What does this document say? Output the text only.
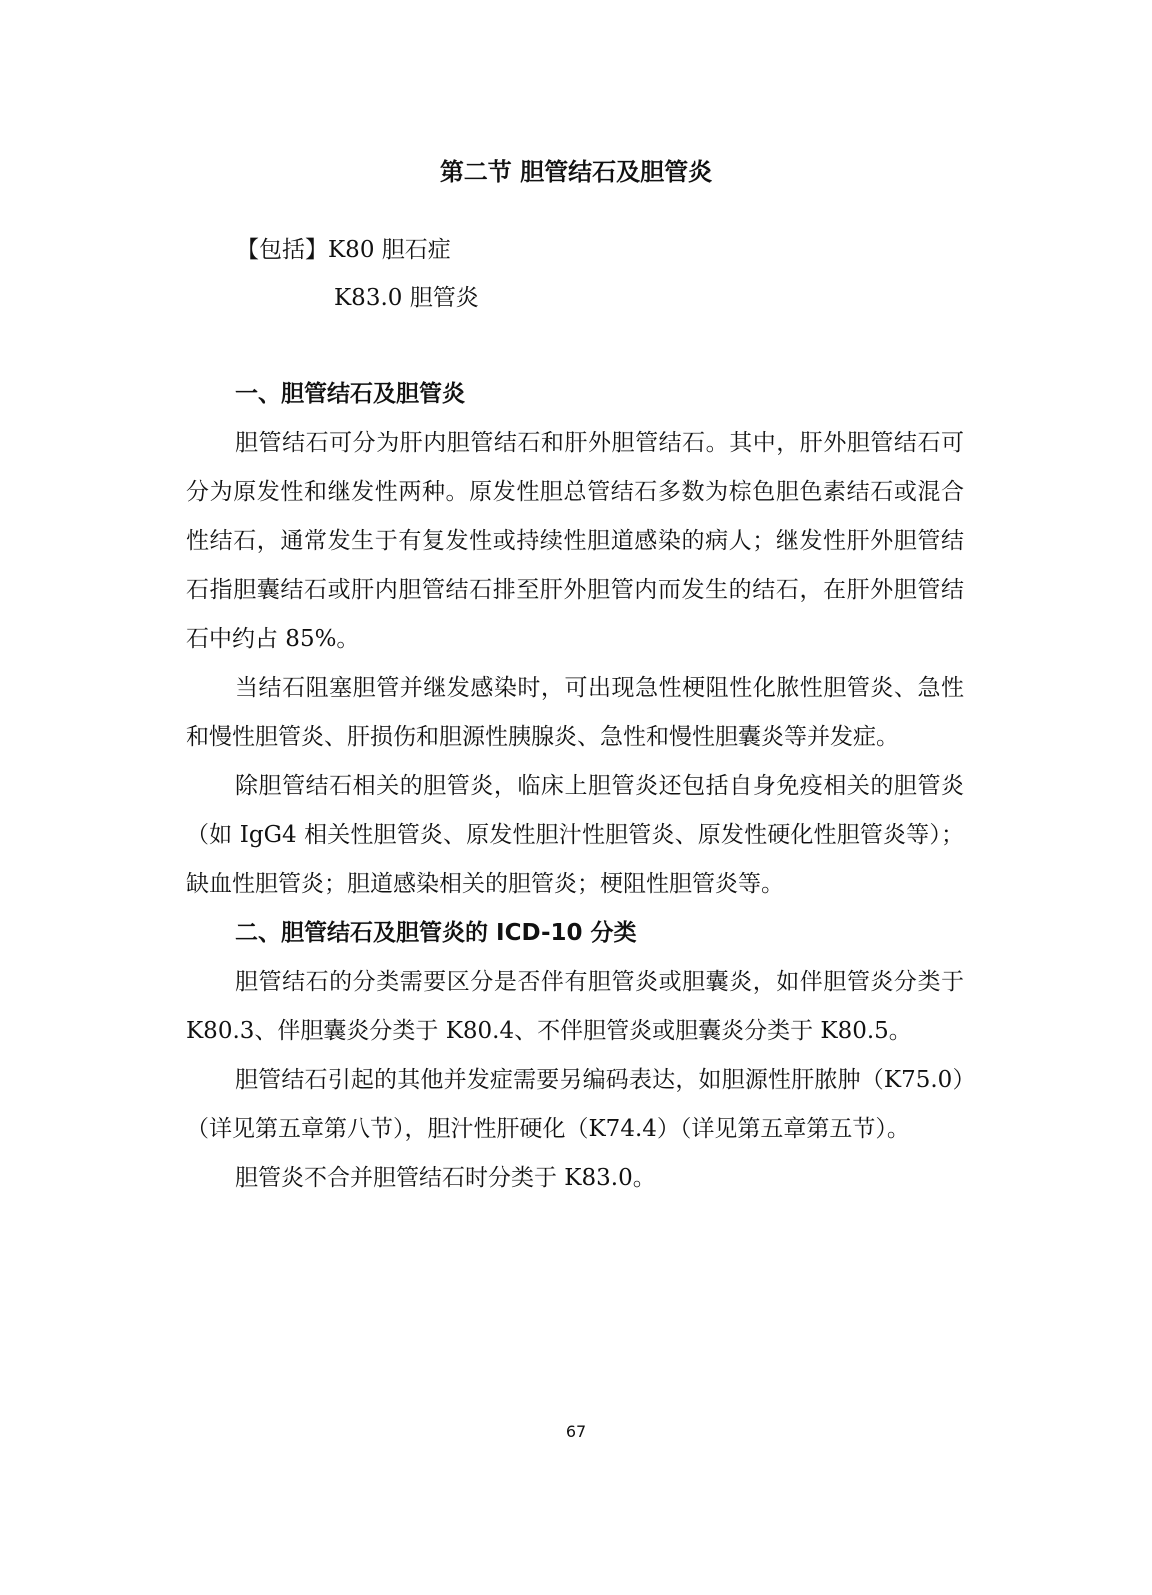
第二节 胆管结石及胆管炎
【包括】K80 胆石症
K83.0 胆管炎
一、胆管结石及胆管炎

胆管结石可分为肝内胆管结石和肝外胆管结石。其中，肝外胆管结石可分为原发性和继发性两种。原发性胆总管结石多数为棕色胆色素结石或混合性结石，通常发生于有复发性或持续性胆道感染的病人；继发性肝外胆管结石指胆囊结石或肝内胆管结石排至肝外胆管内而发生的结石，在肝外胆管结石中约占 85%。

当结石阻塞胆管并继发感染时，可出现急性梗阻性化脓性胆管炎、急性和慢性胆管炎、肝损伤和胆源性胰腺炎、急性和慢性胆囊炎等并发症。

除胆管结石相关的胆管炎，临床上胆管炎还包括自身免疫相关的胆管炎（如 IgG4 相关性胆管炎、原发性胆汁性胆管炎、原发性硬化性胆管炎等）；缺血性胆管炎；胆道感染相关的胆管炎；梗阻性胆管炎等。

二、胆管结石及胆管炎的 ICD-10 分类

胆管结石的分类需要区分是否伴有胆管炎或胆囊炎，如伴胆管炎分类于 K80.3、伴胆囊炎分类于 K80.4、不伴胆管炎或胆囊炎分类于 K80.5。

胆管结石引起的其他并发症需要另编码表达，如胆源性肝脓肿（K75.0）（详见第五章第八节），胆汁性肝硬化（K74.4）（详见第五章第五节）。

胆管炎不合并胆管结石时分类于 K83.0。

67
